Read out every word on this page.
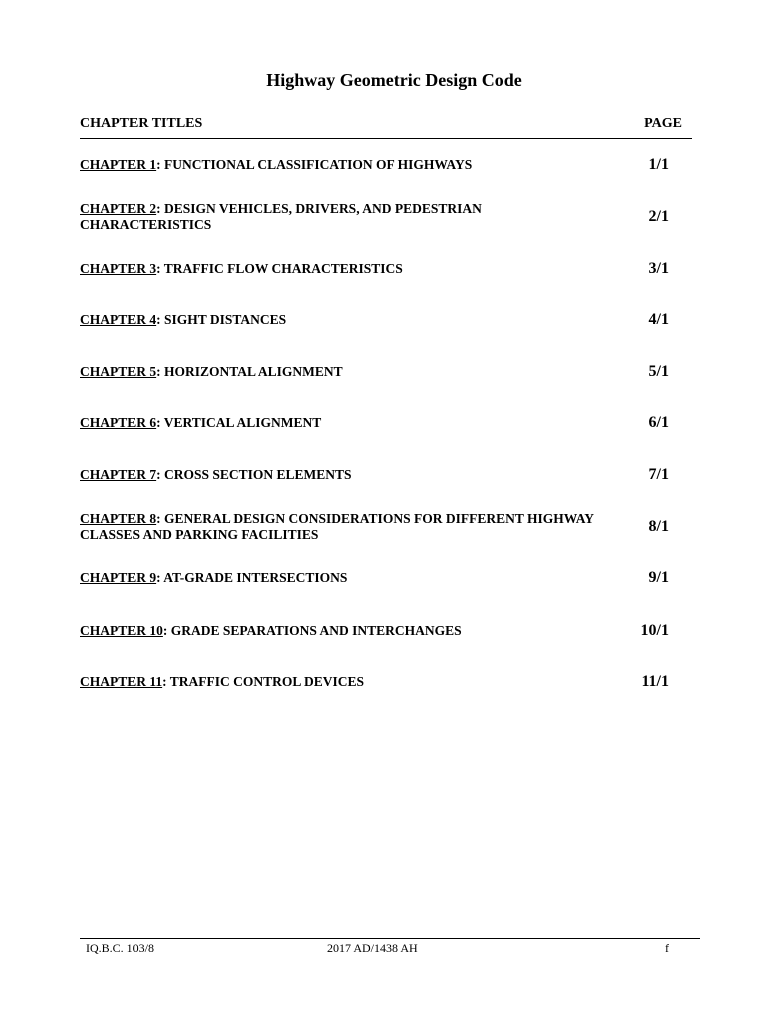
Highway Geometric Design Code
CHAPTER TITLES	PAGE
CHAPTER 1: FUNCTIONAL CLASSIFICATION OF HIGHWAYS	1/1
CHAPTER 2: DESIGN VEHICLES, DRIVERS, AND PEDESTRIAN CHARACTERISTICS	2/1
CHAPTER 3: TRAFFIC FLOW CHARACTERISTICS	3/1
CHAPTER 4: SIGHT DISTANCES	4/1
CHAPTER 5: HORIZONTAL ALIGNMENT	5/1
CHAPTER 6: VERTICAL ALIGNMENT	6/1
CHAPTER 7: CROSS SECTION ELEMENTS	7/1
CHAPTER 8: GENERAL DESIGN CONSIDERATIONS FOR DIFFERENT HIGHWAY CLASSES AND PARKING FACILITIES	8/1
CHAPTER 9: AT-GRADE INTERSECTIONS	9/1
CHAPTER 10: GRADE SEPARATIONS AND INTERCHANGES	10/1
CHAPTER 11: TRAFFIC CONTROL DEVICES	11/1
IQ.B.C. 103/8	2017 AD/1438 AH	f
